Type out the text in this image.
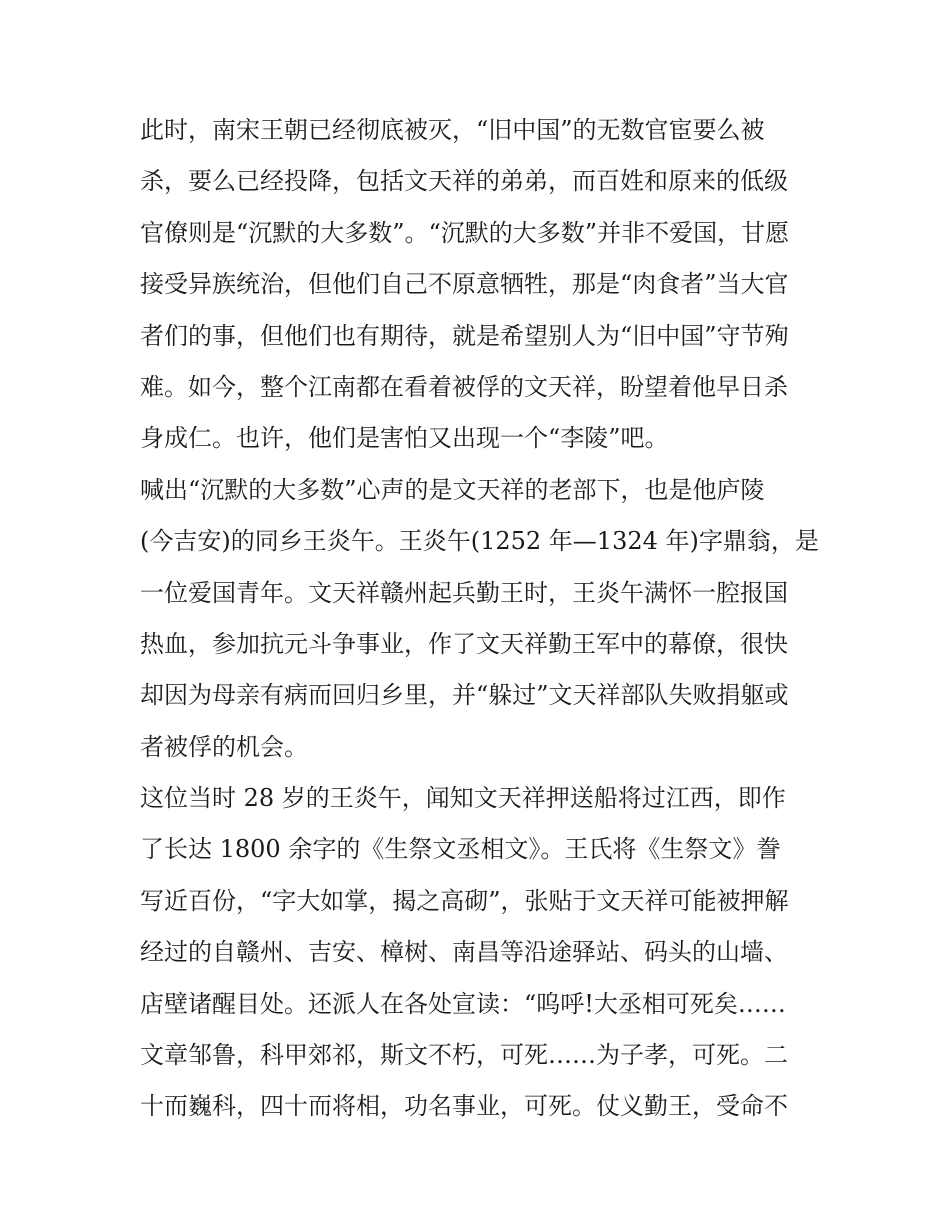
此时，南宋王朝已经彻底被灭，“旧中国”的无数官宦要么被
杀，要么已经投降，包括文天祥的弟弟，而百姓和原来的低级
官僚则是“沉默的大多数”。“沉默的大多数”并非不爱国，甘愿
接受异族统治，但他们自己不原意牺牲，那是“肉食者”当大官
者们的事，但他们也有期待，就是希望别人为“旧中国”守节殉
难。如今，整个江南都在看着被俘的文天祥，盼望着他早日杀
身成仁。也许，他们是害怕又出现一个“李陵”吧。
喊出“沉默的大多数”心声的是文天祥的老部下，也是他庐陵
(今吉安)的同乡王炎午。王炎午(1252 年—1324 年)字鼎翁，是
一位爱国青年。文天祥赣州起兵勤王时，王炎午满怀一腔报国
热血，参加抗元斗争事业，作了文天祥勤王军中的幕僚，很快
却因为母亲有病而回归乡里，并“躲过”文天祥部队失败捐躯或
者被俘的机会。
这位当时 28 岁的王炎午，闻知文天祥押送船将过江西，即作
了长达 1800 余字的《生祭文丞相文》。王氏将《生祭文》誊
写近百份，“字大如掌，揭之高砌”，张贴于文天祥可能被押解
经过的自赣州、吉安、樟树、南昌等沿途驿站、码头的山墙、
店壁诸醒目处。还派人在各处宣读：“呜呼!大丞相可死矣……
文章邹鲁，科甲郊祁，斯文不朽，可死……为子孝，可死。二
十而巍科，四十而将相，功名事业，可死。仗义勤王，受命不
